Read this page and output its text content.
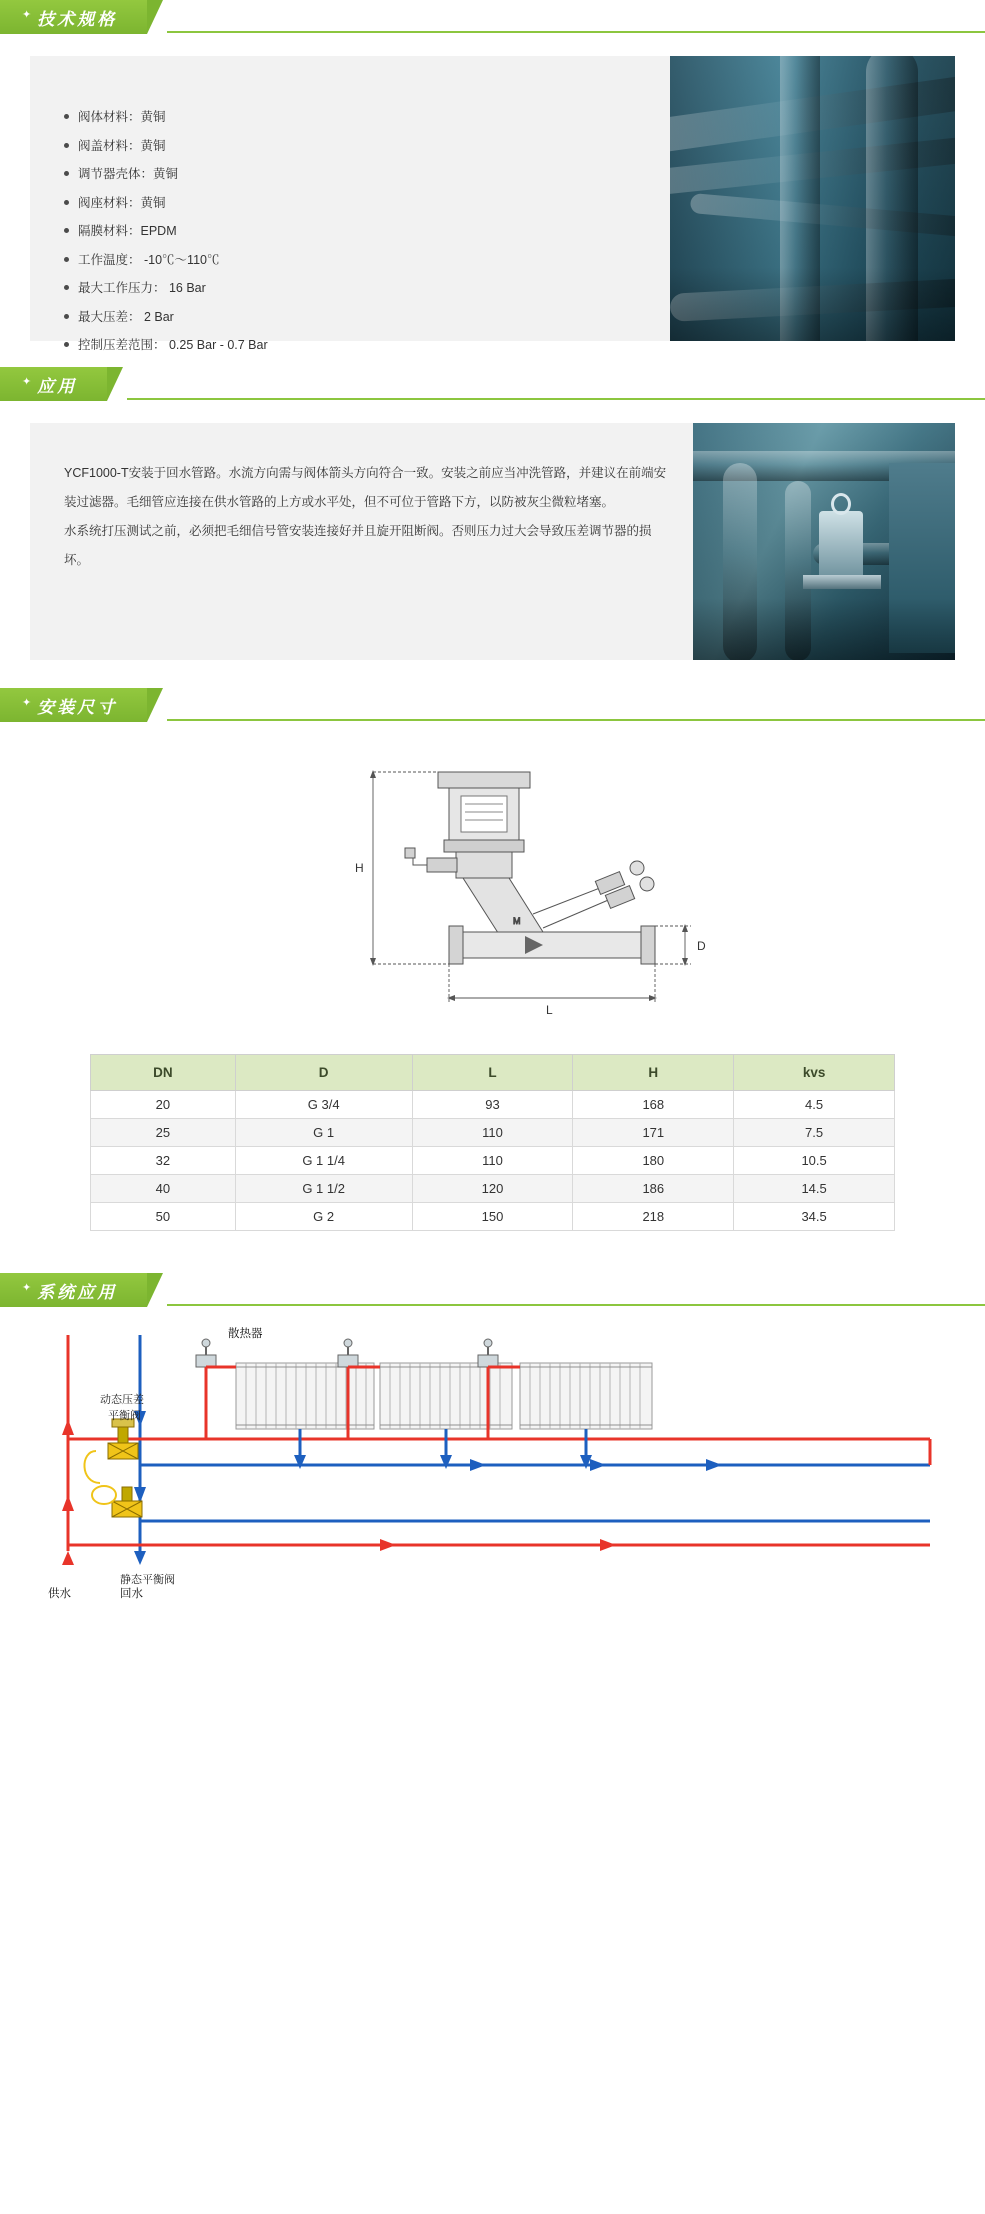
✦ 技术规格
阀体材料：黄铜
阀盖材料：黄铜
调节器壳体：黄铜
阀座材料：黄铜
隔膜材料：EPDM
工作温度： -10℃～110℃
最大工作压力： 16 Bar
最大压差： 2 Bar
控制压差范围： 0.25 Bar - 0.7 Bar
✦ 应用

YCF1000-T安装于回水管路。水流方向需与阀体箭头方向符合一致。安装之前应当冲洗管路，并建议在前端安装过滤器。毛细管应连接在供水管路的上方或水平处，但不可位于管路下方，以防被灰尘微粒堵塞。

水系统打压测试之前，必须把毛细信号管安装连接好并且旋开阻断阀。否则压力过大会导致压差调节器的损坏。

✦ 安装尺寸
M
H
L
D
DN	D	L	H	kvs
20	G 3/4	93	168	4.5
25	G 1	110	171	7.5
32	G 1 1/4	110	180	10.5
40	G 1 1/2	120	186	14.5
50	G 2	150	218	34.5
✦ 系统应用
散热器
动态压差
平衡阀
静态平衡阀
供水	回水
